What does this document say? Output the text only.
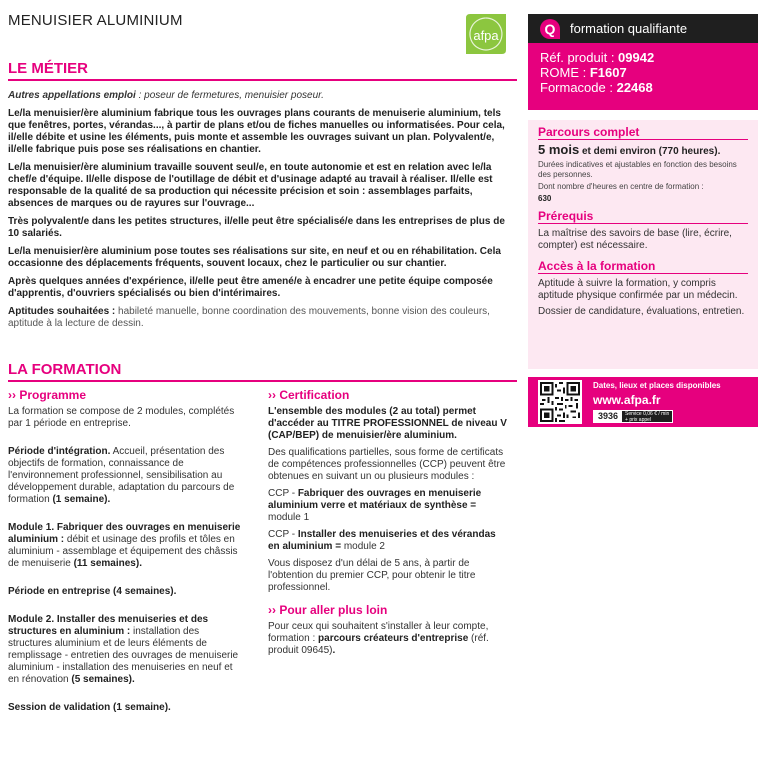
MENUISIER ALUMINIUM
afpa
LE MÉTIER

Autres appellations emploi : poseur de fermetures, menuisier poseur.

Le/la menuisier/ère aluminium fabrique tous les ouvrages plans courants de menuiserie aluminium, tels que fenêtres, portes, vérandas..., à partir de plans et/ou de fiches manuelles ou informatisées. Pour cela, il/elle débite et usine les éléments, puis monte et assemble les ouvrages suivant un plan. Polyvalent/e, il/elle fabrique puis pose ses réalisations en chantier.

Le/la menuisier/ère aluminium travaille souvent seul/e, en toute autonomie et est en relation avec le/la chef/e d'équipe. Il/elle dispose de l'outillage de débit et d'usinage adapté au travail à réaliser. Il/elle est responsable de la qualité de sa production qui nécessite précision et soin : assemblages parfaits, absences de marques ou de rayures sur l'ouvrage...

Très polyvalent/e dans les petites structures, il/elle peut être spécialisé/e dans les entreprises de plus de 10 salariés.

Le/la menuisier/ère aluminium pose toutes ses réalisations sur site, en neuf et ou en réhabilitation. Cela occasionne des déplacements fréquents, souvent locaux, chez le particulier ou sur chantier.

Après quelques années d'expérience, il/elle peut être amené/e à encadrer une petite équipe composée d'apprentis, d'ouvriers spécialisés ou bien d'intérimaires.

Aptitudes souhaitées : habileté manuelle, bonne coordination des mouvements, bonne vision des couleurs, aptitude à la lecture de dessin.

LA FORMATION
›› Programme

La formation se compose de 2 modules, complétés par 1 période en entreprise.

Période d'intégration. Accueil, présentation des objectifs de formation, connaissance de l'environnement professionnel, sensibilisation au développement durable, adaptation du parcours de formation (1 semaine).

Module 1. Fabriquer des ouvrages en menuiserie aluminium : débit et usinage des profils et tôles en aluminium - assemblage et équipement des châssis de menuiserie (11 semaines).

Période en entreprise (4 semaines).

Module 2. Installer des menuiseries et des structures en aluminium : installation des structures aluminium et de leurs éléments de remplissage - entretien des ouvrages de menuiserie aluminium - installation des menuiseries en neuf et en rénovation (5 semaines).

Session de validation (1 semaine).

›› Certification

L'ensemble des modules (2 au total) permet d'accéder au TITRE PROFESSIONNEL de niveau V (CAP/BEP) de menuisier/ère aluminium.

Des qualifications partielles, sous forme de certificats de compétences professionnelles (CCP) peuvent être obtenues en suivant un ou plusieurs modules :

CCP - Fabriquer des ouvrages en menuiserie aluminium verre et matériaux de synthèse = module 1

CCP - Installer des menuiseries et des vérandas en aluminium = module 2

Vous disposez d'un délai de 5 ans, à partir de l'obtention du premier CCP, pour obtenir le titre professionnel.

›› Pour aller plus loin

Pour ceux qui souhaitent s'installer à leur compte, formation : parcours créateurs d'entreprise (réf. produit 09645).

Q	formation qualifiante
Réf. produit : 09942
ROME : F1607
Formacode : 22468
Parcours complet
5 mois et demi environ (770 heures).
Durées indicatives et ajustables en fonction des besoins des personnes.
Dont nombre d'heures en centre de formation :
630
Prérequis
La maîtrise des savoirs de base (lire, écrire, compter) est nécessaire.
Accès à la formation
Aptitude à suivre la formation, y compris aptitude physique confirmée par un médecin.
Dossier de candidature, évaluations, entretien.
Dates, lieux et places disponibles
www.afpa.fr
3936	Service 0,06 € / min
+ prix appel
